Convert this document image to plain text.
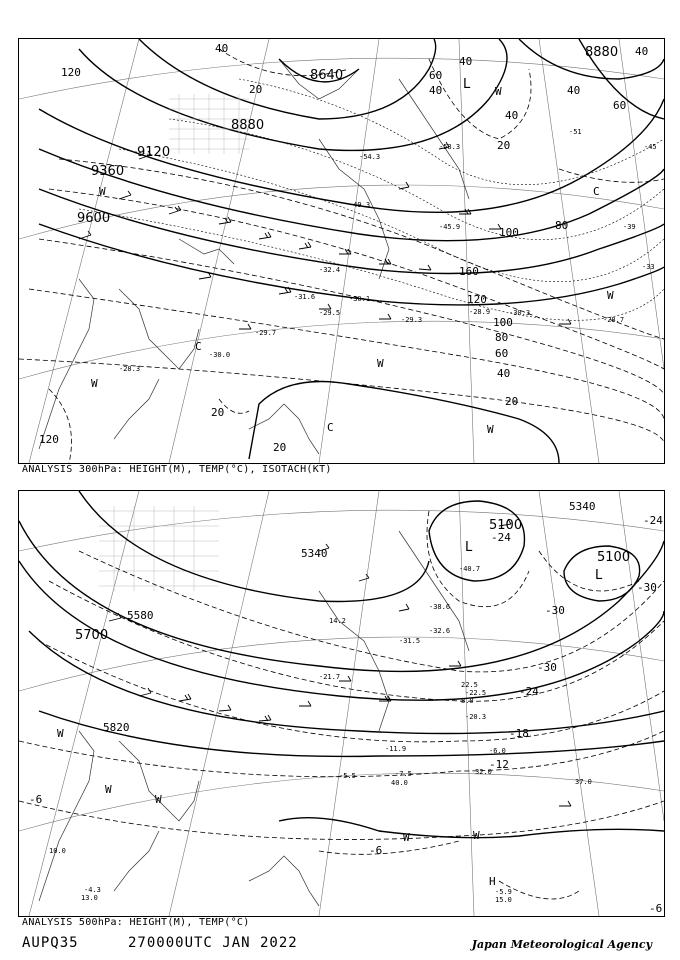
9120
9360
9600
8880
8640
8880
120
40
20
160
120
100
80
60
40
20
40
60
80
100
120
20
20
40
60
40
40
40
20
-29.3
-30.0
-28.3
-45.9
-49.3
-54.3
-58.3
-51
-45
-39
-33
-29.7
-28.9
-31.6
-32.4
-30.1
-29.5
-28.7
-30.3
L W
C
C
W
W
W
C	W
W
ANALYSIS 300hPa: HEIGHT(M), TEMP(°C), ISOTACH(KT)
5100
5340
5340
5580
5700
5820
5100
-30
-30
-24
-24
-18
-12
-6
-6
-6
-30
-24
-40.7
-38.6
-31.5
-32.6
-22.5
-20.3
-11.9
-7.5
-5.5
-6.0
37.0
32.0
40.0
15.0
-5.9
13.0
10.0
-4.3
22.5
8.0
14.2
-21.7
L
L
H
W
W
W
W	W
ANALYSIS 500hPa: HEIGHT(M), TEMP(°C)
AUPQ35	270000UTC JAN 2022	Japan Meteorological Agency
